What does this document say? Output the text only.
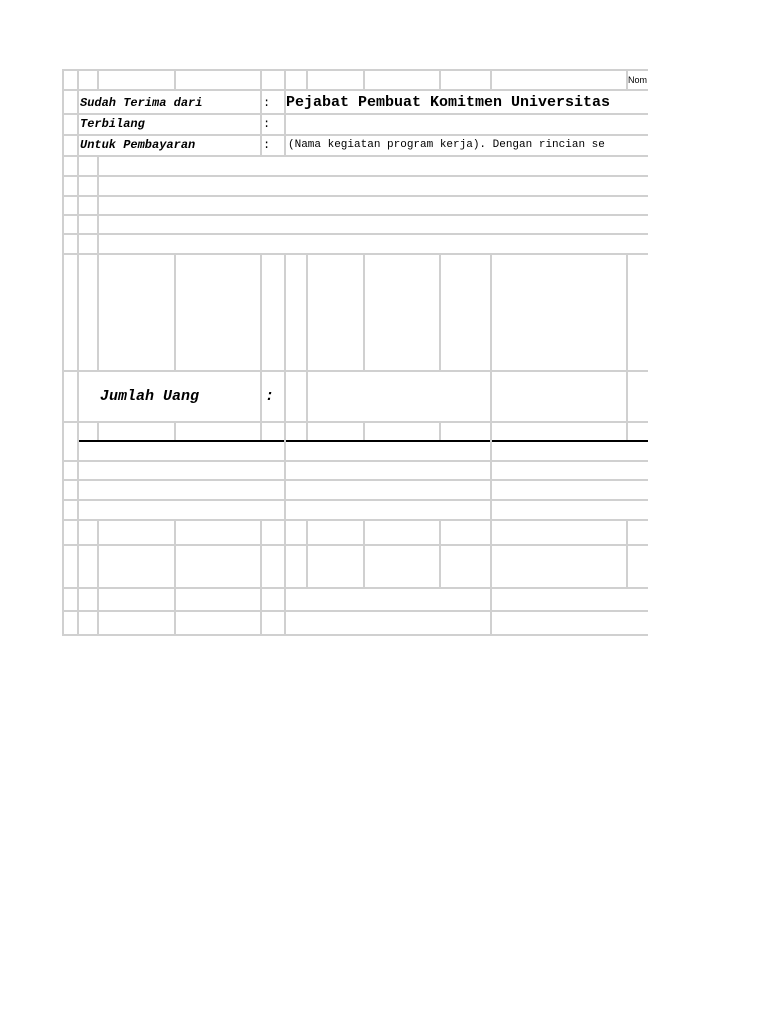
Nom
Sudah Terima dari	: Pejabat Pembuat Komitmen Universitas
Terbilang	:
Untuk Pembayaran	: (Nama kegiatan program kerja). Dengan rincian se
Jumlah Uang	:
